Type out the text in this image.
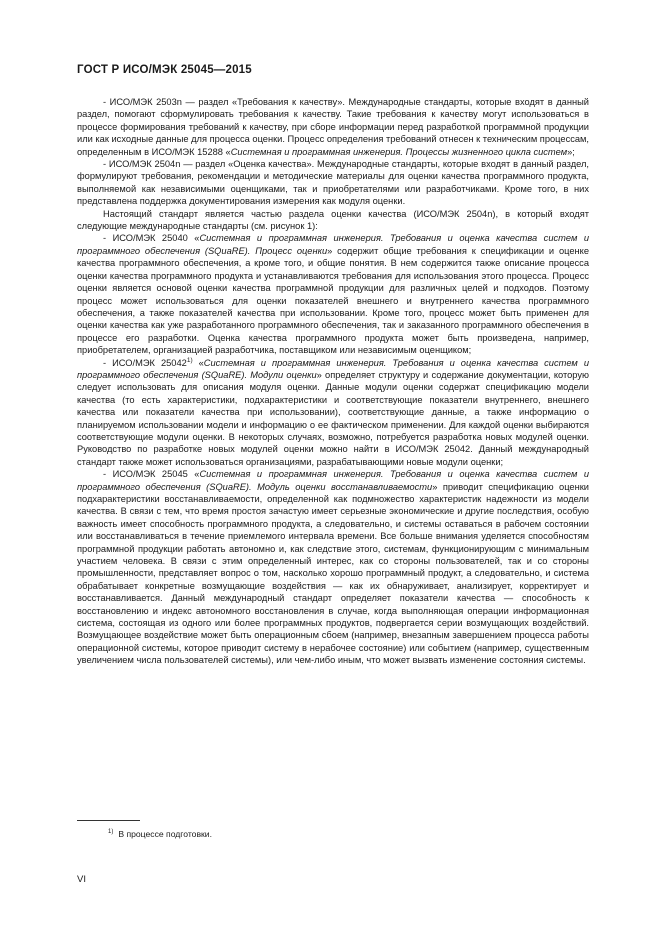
ГОСТ Р ИСО/МЭК 25045—2015

- ИСО/МЭК 2503n — раздел «Требования к качеству». Международные стандарты, которые входят в данный раздел, помогают сформулировать требования к качеству. Такие требования к качеству могут использоваться в процессе формирования требований к качеству, при сборе информации перед разработкой программной продукции или как исходные данные для процесса оценки. Процесс определения требований отнесен к техническим процессам, определенным в ИСО/МЭК 15288 «Системная и программная инженерия. Процессы жизненного цикла систем»;

- ИСО/МЭК 2504n — раздел «Оценка качества». Международные стандарты, которые входят в данный раздел, формулируют требования, рекомендации и методические материалы для оценки качества программного продукта, выполняемой как независимыми оценщиками, так и приобретателями или разработчиками. Кроме того, в них представлена поддержка документирования измерения как модуля оценки.

Настоящий стандарт является частью раздела оценки качества (ИСО/МЭК 2504n), в который входят следующие международные стандарты (см. рисунок 1):

- ИСО/МЭК 25040 «Системная и программная инженерия. Требования и оценка качества систем и программного обеспечения (SQuaRE). Процесс оценки» содержит общие требования к спецификации и оценке качества программного обеспечения, а кроме того, и общие понятия. В нем содержится также описание процесса оценки качества программного продукта и устанавливаются требования для использования этого процесса. Процесс оценки является основой оценки качества программной продукции для различных целей и подходов. Поэтому процесс может использоваться для оценки показателей внешнего и внутреннего качества программного обеспечения, а также показателей качества при использовании. Кроме того, процесс может быть применен для оценки качества как уже разработанного программного обеспечения, так и заказанного программного обеспечения в процессе его разработки. Оценка качества программного продукта может быть произведена, например, приобретателем, организацией разработчика, поставщиком или независимым оценщиком;

- ИСО/МЭК 25042$^{1)}$ «Системная и программная инженерия. Требования и оценка качества систем и программного обеспечения (SQuaRE). Модули оценки» определяет структуру и содержание документации, которую следует использовать для описания модуля оценки. Данные модули оценки содержат спецификацию модели качества (то есть характеристики, подхарактеристики и соответствующие показатели внутреннего, внешнего качества или показатели качества при использовании), соответствующие данные, а также информацию о планируемом использовании модели и информацию о ее фактическом применении. Для каждой оценки выбираются соответствующие модули оценки. В некоторых случаях, возможно, потребуется разработка новых модулей оценки. Руководство по разработке новых модулей оценки можно найти в ИСО/МЭК 25042. Данный международный стандарт также может использоваться организациями, разрабатывающими новые модули оценки;

- ИСО/МЭК 25045 «Системная и программная инженерия. Требования и оценка качества систем и программного обеспечения (SQuaRE). Модуль оценки восстанавливаемости» приводит спецификацию оценки подхарактеристики восстанавливаемости, определенной как подмножество характеристик надежности из модели качества. В связи с тем, что время простоя зачастую имеет серьезные экономические и другие последствия, особую важность имеет способность программного продукта, а следовательно, и системы оставаться в рабочем состоянии или восстанавливаться в течение приемлемого интервала времени. Все больше внимания уделяется способностям программной продукции работать автономно и, как следствие этого, системам, функционирующим с минимальным участием человека. В связи с этим определенный интерес, как со стороны пользователей, так и со стороны промышленности, представляет вопрос о том, насколько хорошо программный продукт, а следовательно, и система обрабатывает конкретные возмущающие воздействия — как их обнаруживает, анализирует, корректирует и восстанавливается. Данный международный стандарт определяет показатели качества — способность к восстановлению и индекс автономного восстановления в случае, когда выполняющая операции информационная система, состоящая из одного или более программных продуктов, подвергается серии возмущающих воздействий. Возмущающее воздействие может быть операционным сбоем (например, внезапным завершением процесса работы операционной системы, которое приводит систему в нерабочее состояние) или событием (например, существенным увеличением числа пользователей системы), или чем-либо иным, что может вызвать изменение состояния системы.

$^{1)}$ В процессе подготовки.
VI
